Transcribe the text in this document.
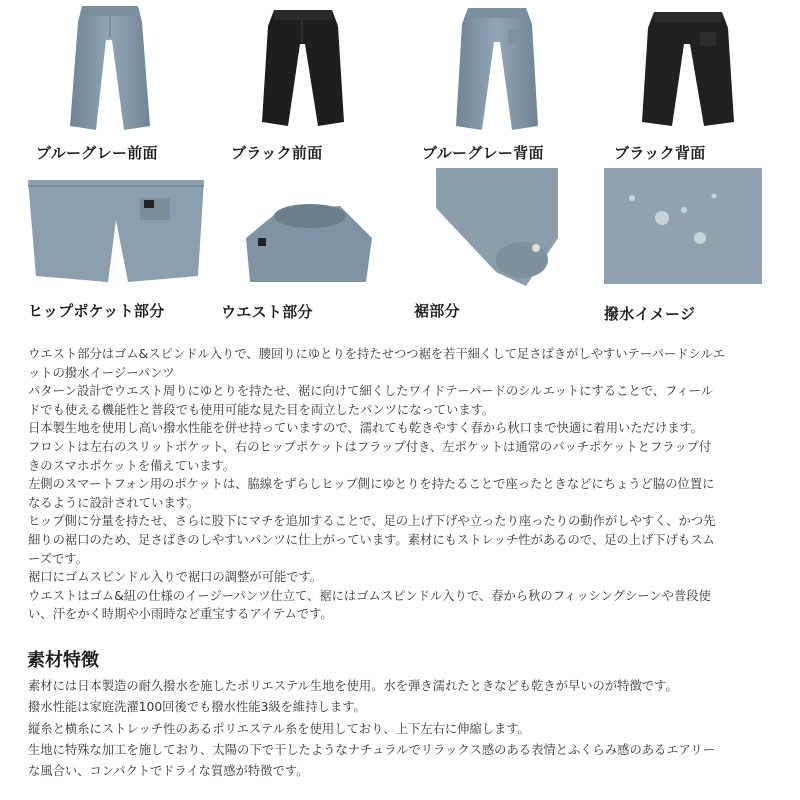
ブルーグレー前面	ブラック前面	ブルーグレー背面	ブラック背面
ヒップポケット部分	ウエスト部分	裾部分	撥水イメージ

ウエスト部分はゴム&スピンドル入りで、腰回りにゆとりを持たせつつ裾を若干細くして足さばきがしやすいテーパードシルエ

ットの撥水イージーパンツ

パターン設計でウエスト周りにゆとりを持たせ、裾に向けて細くしたワイドテーパードのシルエットにすることで、フィール

ドでも使える機能性と普段でも使用可能な見た目を両立したパンツになっています。

日本製生地を使用し高い撥水性能を併せ持っていますので、濡れても乾きやすく春から秋口まで快適に着用いただけます。

フロントは左右のスリットポケット、右のヒップポケットはフラップ付き、左ポケットは通常のパッチポケットとフラップ付

きのスマホポケットを備えています。

左側のスマートフォン用のポケットは、脇線をずらしヒップ側にゆとりを持たることで座ったときなどにちょうど脇の位置に

なるように設計されています。

ヒップ側に分量を持たせ、さらに股下にマチを追加することで、足の上げ下げや立ったり座ったりの動作がしやすく、かつ先

細りの裾口のため、足さばきのしやすいパンツに仕上がっています。素材にもストレッチ性があるので、足の上げ下げもスム

ーズです。

裾口にゴムスピンドル入りで裾口の調整が可能です。

ウエストはゴム&紐の仕様のイージーパンツ仕立て、裾にはゴムスピンドル入りで、春から秋のフィッシングシーンや普段使

い、汗をかく時期や小雨時など重宝するアイテムです。

素材特徴

素材には日本製造の耐久撥水を施したポリエステル生地を使用。水を弾き濡れたときなども乾きが早いのが特徴です。

撥水性能は家庭洗濯100回後でも撥水性能3級を維持します。

縦糸と横糸にストレッチ性のあるポリエステル糸を使用しており、上下左右に伸縮します。

生地に特殊な加工を施しており、太陽の下で干したようなナチュラルでリラックス感のある表情とふくらみ感のあるエアリー

な風合い、コンパクトでドライな質感が特徴です。
